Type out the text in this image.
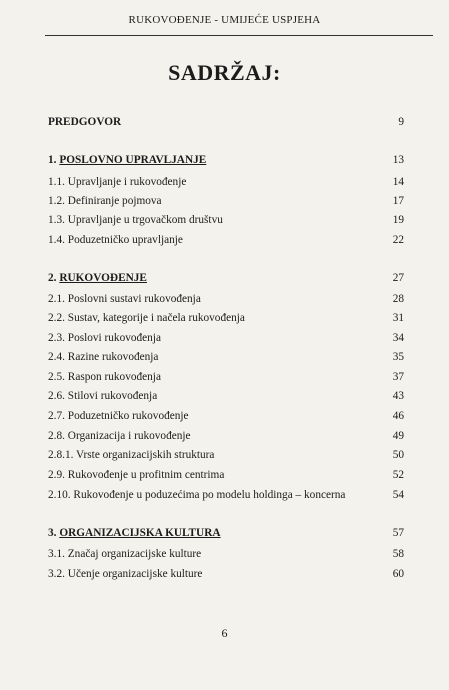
RUKOVOĐENJE - UMIJEĆE USPJEHA
SADRŽAJ:
PREDGOVOR	9
1. POSLOVNO UPRAVLJANJE	13
1.1. Upravljanje i rukovođenje	14
1.2. Definiranje pojmova	17
1.3. Upravljanje u trgovačkom društvu	19
1.4. Poduzetničko upravljanje	22
2. RUKOVOĐENJE	27
2.1. Poslovni sustavi rukovođenja	28
2.2. Sustav, kategorije i načela rukovođenja	31
2.3. Poslovi rukovođenja	34
2.4. Razine rukovođenja	35
2.5. Raspon rukovođenja	37
2.6. Stilovi rukovođenja	43
2.7. Poduzetničko rukovođenje	46
2.8. Organizacija i rukovođenje	49
2.8.1. Vrste organizacijskih struktura	50
2.9. Rukovođenje u profitnim centrima	52
2.10. Rukovođenje u poduzećima po modelu holdinga – koncerna	54
3. ORGANIZACIJSKA KULTURA	57
3.1. Značaj organizacijske kulture	58
3.2. Učenje organizacijske kulture	60
6
